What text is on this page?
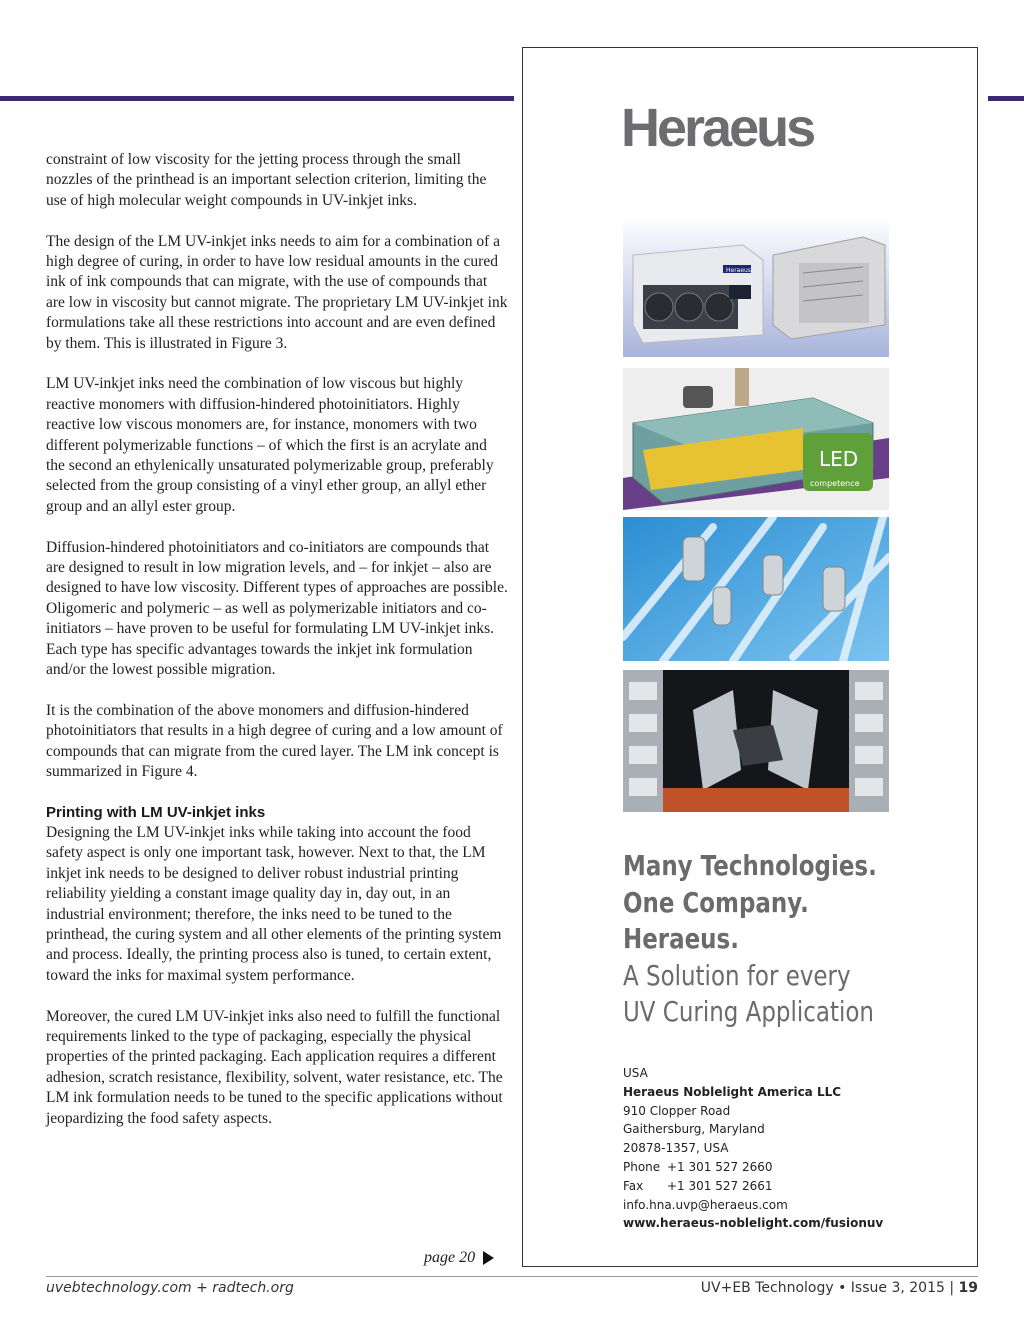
constraint of low viscosity for the jetting process through the small nozzles of the printhead is an important selection criterion, limiting the use of high molecular weight compounds in UV-inkjet inks.

The design of the LM UV-inkjet inks needs to aim for a combination of a high degree of curing, in order to have low residual amounts in the cured ink of ink compounds that can migrate, with the use of compounds that are low in viscosity but cannot migrate. The proprietary LM UV-inkjet ink formulations take all these restrictions into account and are even defined by them. This is illustrated in Figure 3.

LM UV-inkjet inks need the combination of low viscous but highly reactive monomers with diffusion-hindered photoinitiators. Highly reactive low viscous monomers are, for instance, monomers with two different polymerizable functions – of which the first is an acrylate and the second an ethylenically unsaturated polymerizable group, preferably selected from the group consisting of a vinyl ether group, an allyl ether group and an allyl ester group.

Diffusion-hindered photoinitiators and co-initiators are compounds that are designed to result in low migration levels, and – for inkjet – also are designed to have low viscosity. Different types of approaches are possible. Oligomeric and polymeric – as well as polymerizable initiators and co-initiators – have proven to be useful for formulating LM UV-inkjet inks. Each type has specific advantages towards the inkjet ink formulation and/or the lowest possible migration.

It is the combination of the above monomers and diffusion-hindered photoinitiators that results in a high degree of curing and a low amount of compounds that can migrate from the cured layer. The LM ink concept is summarized in Figure 4.

Printing with LM UV-inkjet inks

Designing the LM UV-inkjet inks while taking into account the food safety aspect is only one important task, however. Next to that, the LM inkjet ink needs to be designed to deliver robust industrial printing reliability yielding a constant image quality day in, day out, in an industrial environment; therefore, the inks need to be tuned to the printhead, the curing system and all other elements of the printing system and process. Ideally, the printing process also is tuned, to certain extent, toward the inks for maximal system performance.

Moreover, the cured LM UV-inkjet inks also need to fulfill the functional requirements linked to the type of packaging, especially the physical properties of the printed packaging. Each application requires a different adhesion, scratch resistance, flexibility, solvent, water resistance, etc. The LM ink formulation needs to be tuned to the specific applications without jeopardizing the food safety aspects.

page 20
Heraeus
Heraeus
LED
competence
Many Technologies.
One Company.
Heraeus.
A Solution for every
UV Curing Application
USA
Heraeus Noblelight America LLC
910 Clopper Road
Gaithersburg, Maryland
20878-1357, USA
Phone +1 301 527 2660
Fax +1 301 527 2661
info.hna.uvp@heraeus.com
www.heraeus-noblelight.com/fusionuv
uvebtechnology.com + radtech.org	UV+EB Technology • Issue 3, 2015 | 19
